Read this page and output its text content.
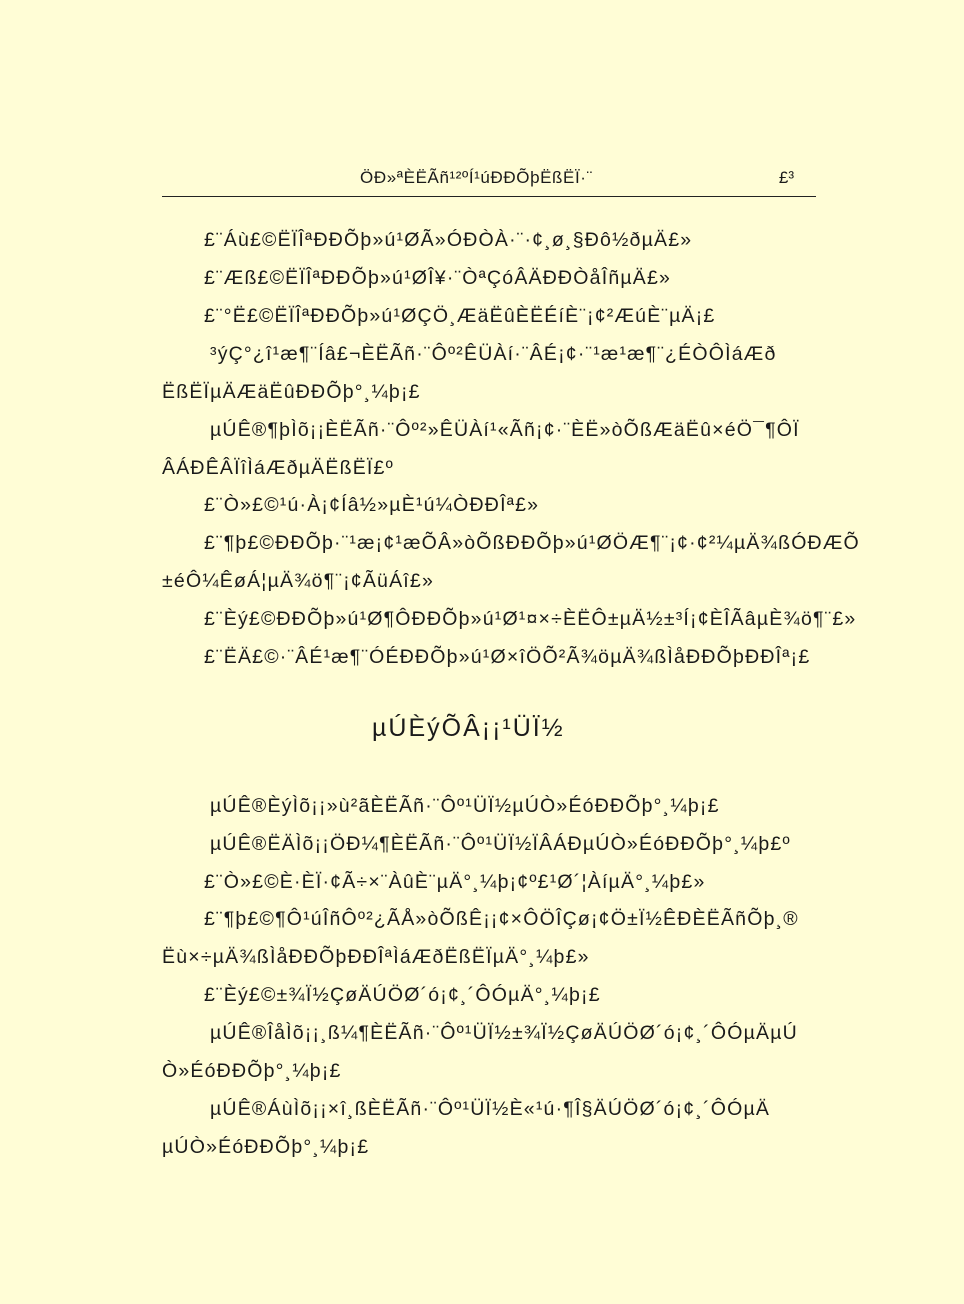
ÖÐ»ªÈËÃñ¹²ºÍ¹úÐÐÕþËßËÏ·¨	£³
£¨Áù£©ËÏÎªÐÐÕþ»ú¹ØÃ»ÓÐÒÀ·¨·¢¸ø¸§Ðô½ðµÄ£»
£¨Æß£©ËÏÎªÐÐÕþ»ú¹ØÎ¥·¨ÒªÇóÂÄÐÐÒåÎñµÄ£»
£¨°Ë£©ËÏÎªÐÐÕþ»ú¹ØÇÖ¸ÆäËûÈËÉíÈ¨¡¢²ÆúÈ¨µÄ¡£
³ýÇ°¿î¹æ¶¨Íâ£¬ÈËÃñ·¨Ôº²ÊÜÀí·¨ÂÉ¡¢·¨¹æ¹æ¶¨¿ÉÒÔÌáÆð
ËßËÏµÄÆäËûÐÐÕþ°¸¼þ¡£
µÚÊ®¶þÌõ¡¡ÈËÃñ·¨Ôº²»ÊÜÀí¹«Ãñ¡¢·¨ÈË»òÕßÆäËû×éÖ¯¶ÔÏ
ÂÁÐÊÂÏîÌáÆðµÄËßËÏ£º
£¨Ò»£©¹ú·À¡¢Íâ½»µÈ¹ú¼ÒÐÐÎª£»
£¨¶þ£©ÐÐÕþ·¨¹æ¡¢¹æÕÂ»òÕßÐÐÕþ»ú¹ØÖÆ¶¨¡¢·¢²¼µÄ¾ßÓÐÆÕ
±éÔ¼ÊøÁ¦µÄ¾ö¶¨¡¢ÃüÁî£»
£¨Èý£©ÐÐÕþ»ú¹Ø¶ÔÐÐÕþ»ú¹Ø¹¤×÷ÈËÔ±µÄ½±³Í¡¢ÈÎÃâµÈ¾ö¶¨£»
£¨ËÄ£©·¨ÂÉ¹æ¶¨ÓÉÐÐÕþ»ú¹Ø×îÖÕ²Ã¾öµÄ¾ßÌåÐÐÕþÐÐÎª¡£
µÚÈýÕÂ¡¡¹ÜÏ½
µÚÊ®ÈýÌõ¡¡»ù²ãÈËÃñ·¨Ôº¹ÜÏ½µÚÒ»ÉóÐÐÕþ°¸¼þ¡£
µÚÊ®ËÄÌõ¡¡ÖÐ¼¶ÈËÃñ·¨Ôº¹ÜÏ½ÏÂÁÐµÚÒ»ÉóÐÐÕþ°¸¼þ£º
£¨Ò»£©È·ÈÏ·¢Ã÷×¨ÀûÈ¨µÄ°¸¼þ¡¢º£¹Ø´¦ÀíµÄ°¸¼þ£»
£¨¶þ£©¶Ô¹úÎñÔº²¿ÃÅ»òÕßÊ¡¡¢×ÔÖÎÇø¡¢Ö±Ï½ÊÐÈËÃñÕþ¸®
Ëù×÷µÄ¾ßÌåÐÐÕþÐÐÎªÌáÆðËßËÏµÄ°¸¼þ£»
£¨Èý£©±¾Ï½ÇøÄÚÖØ´ó¡¢¸´ÔÓµÄ°¸¼þ¡£
µÚÊ®ÎåÌõ¡¡¸ß¼¶ÈËÃñ·¨Ôº¹ÜÏ½±¾Ï½ÇøÄÚÖØ´ó¡¢¸´ÔÓµÄµÚ
Ò»ÉóÐÐÕþ°¸¼þ¡£
µÚÊ®ÁùÌõ¡¡×î¸ßÈËÃñ·¨Ôº¹ÜÏ½È«¹ú·¶Î§ÄÚÖØ´ó¡¢¸´ÔÓµÄ
µÚÒ»ÉóÐÐÕþ°¸¼þ¡£
